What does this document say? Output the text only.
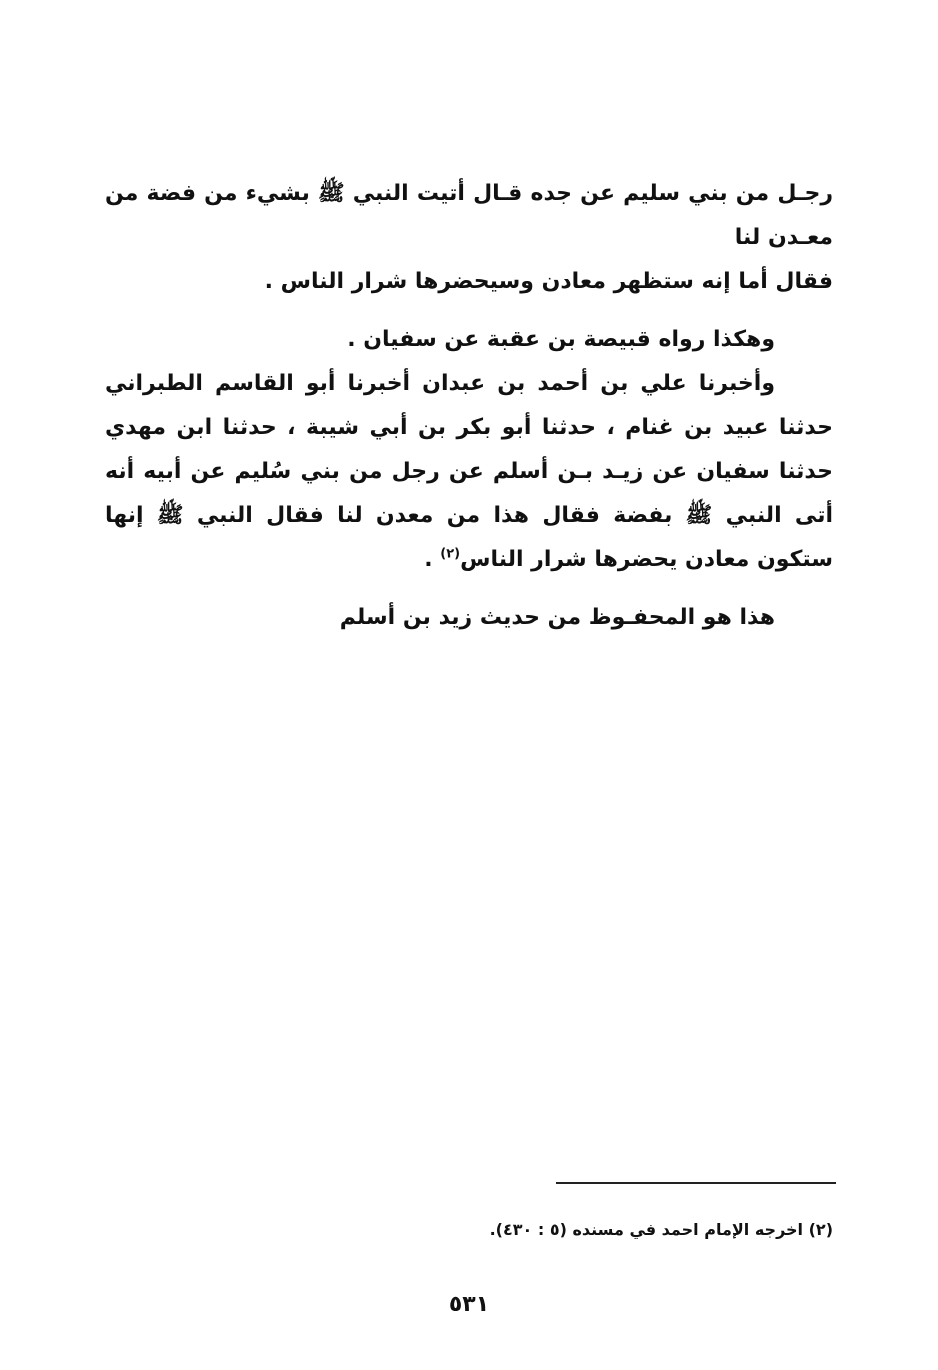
رجـل من بني سليم عن جده قـال أتيت النبي ﷺ بشيء من فضة من معـدن لنا
فقال أما إنه ستظهر معادن وسيحضرها شرار الناس .

وهكذا رواه قبيصة بن عقبة عن سفيان .

وأخبرنا علي بن أحمد بن عبدان أخبرنا أبو القاسم الطبراني حدثنا عبيد بن غنام ، حدثنا أبو بكر بن أبي شيبة ، حدثنا ابن مهدي حدثنا سفيان عن زيـد بـن أسلم عن رجل من بني سُليم عن أبيه أنه أتى النبي ﷺ بفضة فقال هذا من معدن لنا فقال النبي ﷺ إنها ستكون معادن يحضرها شرار الناس$^{(٢)}$ .

هذا هو المحفـوظ من حديث زيد بن أسلم

(٢) اخرجه الإمام احمد في مسنده (٥ : ٤٣٠).

٥٣١
